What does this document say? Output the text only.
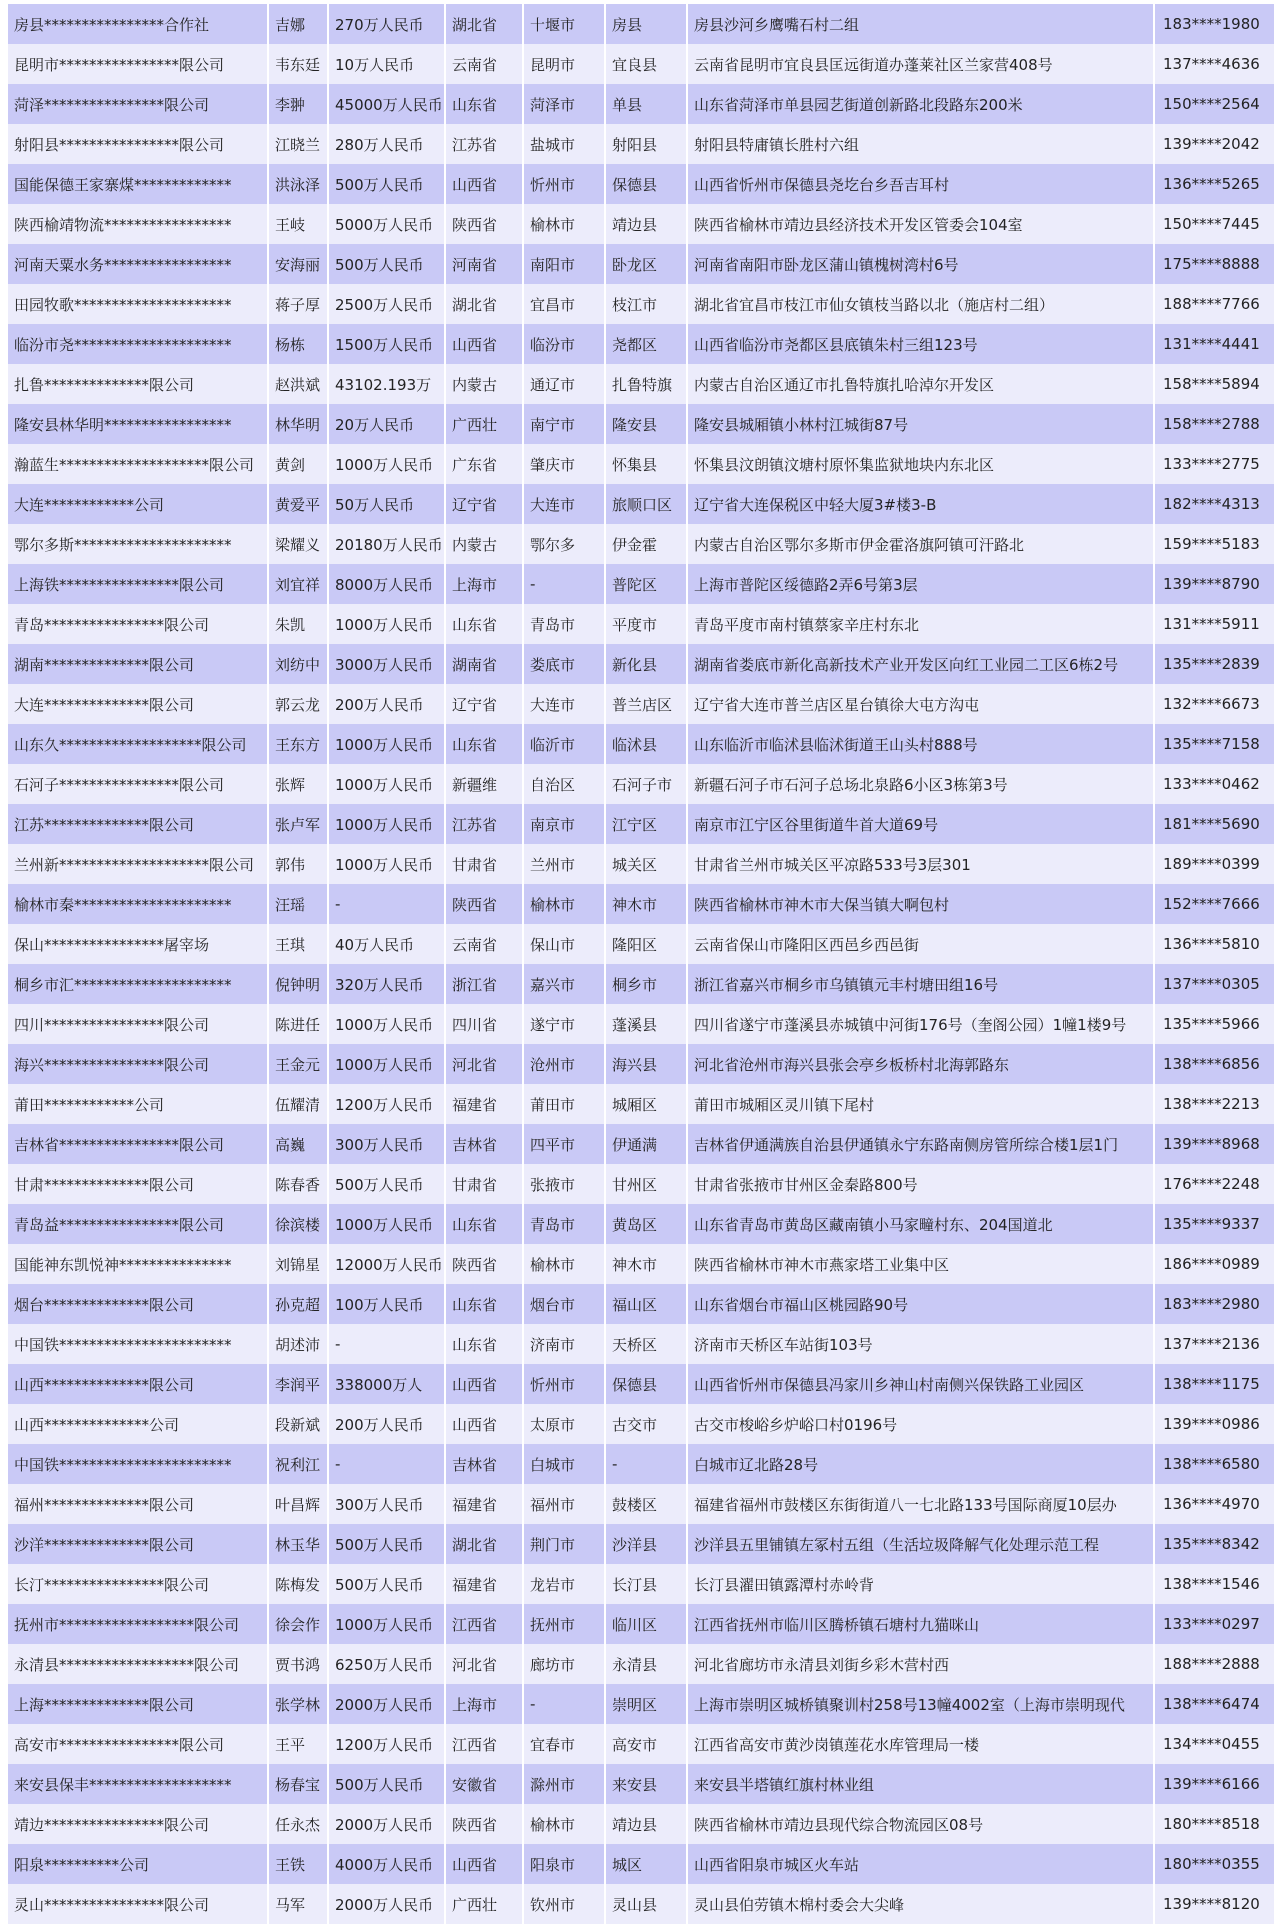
房县****************合作社	吉娜	270万人民币	湖北省	十堰市	房县	房县沙河乡鹰嘴石村二组	183****1980
昆明市****************限公司	韦东廷	10万人民币	云南省	昆明市	宜良县	云南省昆明市宜良县匡远街道办蓬莱社区兰家营408号	137****4636
菏泽****************限公司	李翀	45000万人民币	山东省	菏泽市	单县	山东省菏泽市单县园艺街道创新路北段路东200米	150****2564
射阳县****************限公司	江晓兰	280万人民币	江苏省	盐城市	射阳县	射阳县特庸镇长胜村六组	139****2042
国能保德王家寨煤*************	洪泳泽	500万人民币	山西省	忻州市	保德县	山西省忻州市保德县尧圪台乡吾吉耳村	136****5265
陕西榆靖物流*****************	王岐	5000万人民币	陕西省	榆林市	靖边县	陕西省榆林市靖边县经济技术开发区管委会104室	150****7445
河南天粟水务*****************	安海丽	500万人民币	河南省	南阳市	卧龙区	河南省南阳市卧龙区蒲山镇槐树湾村6号	175****8888
田园牧歌*********************	蒋子厚	2500万人民币	湖北省	宜昌市	枝江市	湖北省宜昌市枝江市仙女镇枝当路以北（施店村二组）	188****7766
临汾市尧*********************	杨栋	1500万人民币	山西省	临汾市	尧都区	山西省临汾市尧都区县底镇朱村三组123号	131****4441
扎鲁**************限公司	赵洪斌	43102.193万	内蒙古	通辽市	扎鲁特旗	内蒙古自治区通辽市扎鲁特旗扎哈淖尔开发区	158****5894
隆安县林华明*****************	林华明	20万人民币	广西壮	南宁市	隆安县	隆安县城厢镇小林村江城街87号	158****2788
瀚蓝生********************限公司	黄剑	1000万人民币	广东省	肇庆市	怀集县	怀集县汶朗镇汶塘村原怀集监狱地块内东北区	133****2775
大连************公司	黄爱平	50万人民币	辽宁省	大连市	旅顺口区	辽宁省大连保税区中轻大厦3#楼3-B	182****4313
鄂尔多斯*********************	梁耀义	20180万人民币	内蒙古	鄂尔多	伊金霍	内蒙古自治区鄂尔多斯市伊金霍洛旗阿镇可汗路北	159****5183
上海铁****************限公司	刘宜祥	8000万人民币	上海市	-	普陀区	上海市普陀区绥德路2弄6号第3层	139****8790
青岛****************限公司	朱凯	1000万人民币	山东省	青岛市	平度市	青岛平度市南村镇蔡家辛庄村东北	131****5911
湖南**************限公司	刘纺中	3000万人民币	湖南省	娄底市	新化县	湖南省娄底市新化高新技术产业开发区向红工业园二工区6栋2号	135****2839
大连**************限公司	郭云龙	200万人民币	辽宁省	大连市	普兰店区	辽宁省大连市普兰店区星台镇徐大屯方沟屯	132****6673
山东久*******************限公司	王东方	1000万人民币	山东省	临沂市	临沭县	山东临沂市临沭县临沭街道王山头村888号	135****7158
石河子****************限公司	张辉	1000万人民币	新疆维	自治区	石河子市	新疆石河子市石河子总场北泉路6小区3栋第3号	133****0462
江苏**************限公司	张卢军	1000万人民币	江苏省	南京市	江宁区	南京市江宁区谷里街道牛首大道69号	181****5690
兰州新********************限公司	郭伟	1000万人民币	甘肃省	兰州市	城关区	甘肃省兰州市城关区平凉路533号3层301	189****0399
榆林市秦*********************	汪瑶	-	陕西省	榆林市	神木市	陕西省榆林市神木市大保当镇大啊包村	152****7666
保山****************屠宰场	王琪	40万人民币	云南省	保山市	隆阳区	云南省保山市隆阳区西邑乡西邑街	136****5810
桐乡市汇*********************	倪钟明	320万人民币	浙江省	嘉兴市	桐乡市	浙江省嘉兴市桐乡市乌镇镇元丰村塘田组16号	137****0305
四川****************限公司	陈进任	1000万人民币	四川省	遂宁市	蓬溪县	四川省遂宁市蓬溪县赤城镇中河街176号（奎阁公园）1幢1楼9号	135****5966
海兴****************限公司	王金元	1000万人民币	河北省	沧州市	海兴县	河北省沧州市海兴县张会亭乡板桥村北海郭路东	138****6856
莆田************公司	伍耀清	1200万人民币	福建省	莆田市	城厢区	莆田市城厢区灵川镇下尾村	138****2213
吉林省****************限公司	高巍	300万人民币	吉林省	四平市	伊通满	吉林省伊通满族自治县伊通镇永宁东路南侧房管所综合楼1层1门	139****8968
甘肃**************限公司	陈春香	500万人民币	甘肃省	张掖市	甘州区	甘肃省张掖市甘州区金秦路800号	176****2248
青岛益****************限公司	徐滨楼	1000万人民币	山东省	青岛市	黄岛区	山东省青岛市黄岛区藏南镇小马家疃村东、204国道北	135****9337
国能神东凯悦神***************	刘锦星	12000万人民币	陕西省	榆林市	神木市	陕西省榆林市神木市燕家塔工业集中区	186****0989
烟台**************限公司	孙克超	100万人民币	山东省	烟台市	福山区	山东省烟台市福山区桃园路90号	183****2980
中国铁***********************	胡述沛	-	山东省	济南市	天桥区	济南市天桥区车站街103号	137****2136
山西**************限公司	李润平	338000万人	山西省	忻州市	保德县	山西省忻州市保德县冯家川乡神山村南侧兴保铁路工业园区	138****1175
山西**************公司	段新斌	200万人民币	山西省	太原市	古交市	古交市梭峪乡炉峪口村0196号	139****0986
中国铁***********************	祝利江	-	吉林省	白城市	-	白城市辽北路28号	138****6580
福州**************限公司	叶昌辉	300万人民币	福建省	福州市	鼓楼区	福建省福州市鼓楼区东街街道八一七北路133号国际商厦10层办	136****4970
沙洋**************限公司	林玉华	500万人民币	湖北省	荆门市	沙洋县	沙洋县五里铺镇左冢村五组（生活垃圾降解气化处理示范工程	135****8342
长汀****************限公司	陈梅发	500万人民币	福建省	龙岩市	长汀县	长汀县濯田镇露潭村赤岭背	138****1546
抚州市******************限公司	徐会作	1000万人民币	江西省	抚州市	临川区	江西省抚州市临川区腾桥镇石塘村九猫咪山	133****0297
永清县******************限公司	贾书鸿	6250万人民币	河北省	廊坊市	永清县	河北省廊坊市永清县刘街乡彩木营村西	188****2888
上海**************限公司	张学林	2000万人民币	上海市	-	崇明区	上海市崇明区城桥镇聚训村258号13幢4002室（上海市崇明现代	138****6474
高安市****************限公司	王平	1200万人民币	江西省	宜春市	高安市	江西省高安市黄沙岗镇莲花水库管理局一楼	134****0455
来安县保丰*******************	杨春宝	500万人民币	安徽省	滁州市	来安县	来安县半塔镇红旗村林业组	139****6166
靖边****************限公司	任永杰	2000万人民币	陕西省	榆林市	靖边县	陕西省榆林市靖边县现代综合物流园区08号	180****8518
阳泉**********公司	王铁	4000万人民币	山西省	阳泉市	城区	山西省阳泉市城区火车站	180****0355
灵山****************限公司	马军	2000万人民币	广西壮	钦州市	灵山县	灵山县伯劳镇木棉村委会大尖峰	139****8120
